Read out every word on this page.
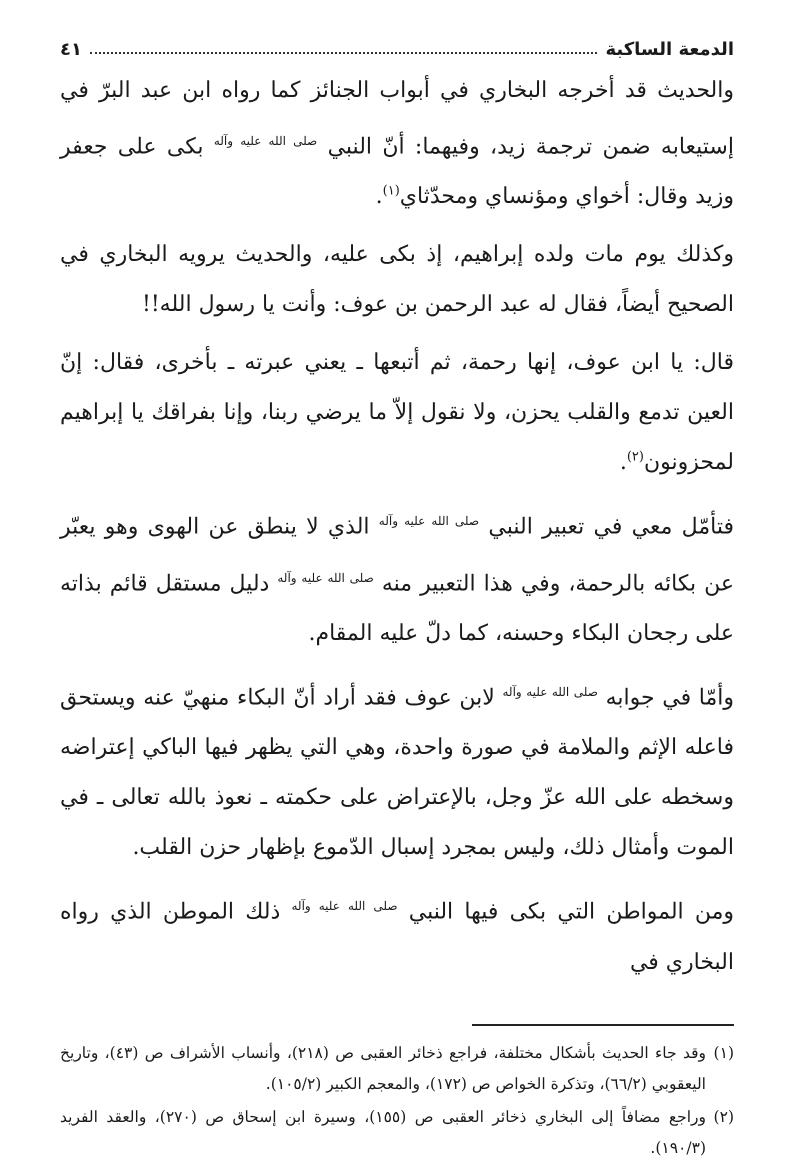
الدمعة الساكبة
٤١

والحديث قد أخرجه البخاري في أبواب الجنائز كما رواه ابن عبد البرّ في إستيعابه ضمن ترجمة زيد، وفيهما: أنّ النبي $^{صلى الله عليه وآله}$ بكى على جعفر وزيد وقال: أخواي ومؤنساي ومحدّثاي$^{(١)}$.

وكذلك يوم مات ولده إبراهيم، إذ بكى عليه، والحديث يرويه البخاري في الصحيح أيضاً، فقال له عبد الرحمن بن عوف: وأنت يا رسول الله!!

قال: يا ابن عوف، إنها رحمة، ثم أتبعها ـ يعني عبرته ـ بأخرى، فقال: إنّ العين تدمع والقلب يحزن، ولا نقول إلاّ ما يرضي ربنا، وإنا بفراقك يا إبراهيم لمحزونون$^{(٢)}$.

فتأمّل معي في تعبير النبي $^{صلى الله عليه وآله}$ الذي لا ينطق عن الهوى وهو يعبّر عن بكائه بالرحمة، وفي هذا التعبير منه $^{صلى الله عليه وآله}$ دليل مستقل قائم بذاته على رجحان البكاء وحسنه، كما دلّ عليه المقام.

وأمّا في جوابه $^{صلى الله عليه وآله}$ لابن عوف فقد أراد أنّ البكاء منهيّ عنه ويستحق فاعله الإثم والملامة في صورة واحدة، وهي التي يظهر فيها الباكي إعتراضه وسخطه على الله عزّ وجل، بالإعتراض على حكمته ـ نعوذ بالله تعالى ـ في الموت وأمثال ذلك، وليس بمجرد إسبال الدّموع بإظهار حزن القلب.

ومن المواطن التي بكى فيها النبي $^{صلى الله عليه وآله}$ ذلك الموطن الذي رواه البخاري في

(١)
وقد جاء الحديث بأشكال مختلفة، فراجع ذخائر العقبى ص (٢١٨)، وأنساب الأشراف ص (٤٣)، وتاريخ اليعقوبي (٦٦/٢)، وتذكرة الخواص ص (١٧٢)، والمعجم الكبير (١٠٥/٢).

(٢)
وراجع مضافاً إلى البخاري ذخائر العقبى ص (١٥٥)، وسيرة ابن إسحاق ص (٢٧٠)، والعقد الفريد (١٩٠/٣).
